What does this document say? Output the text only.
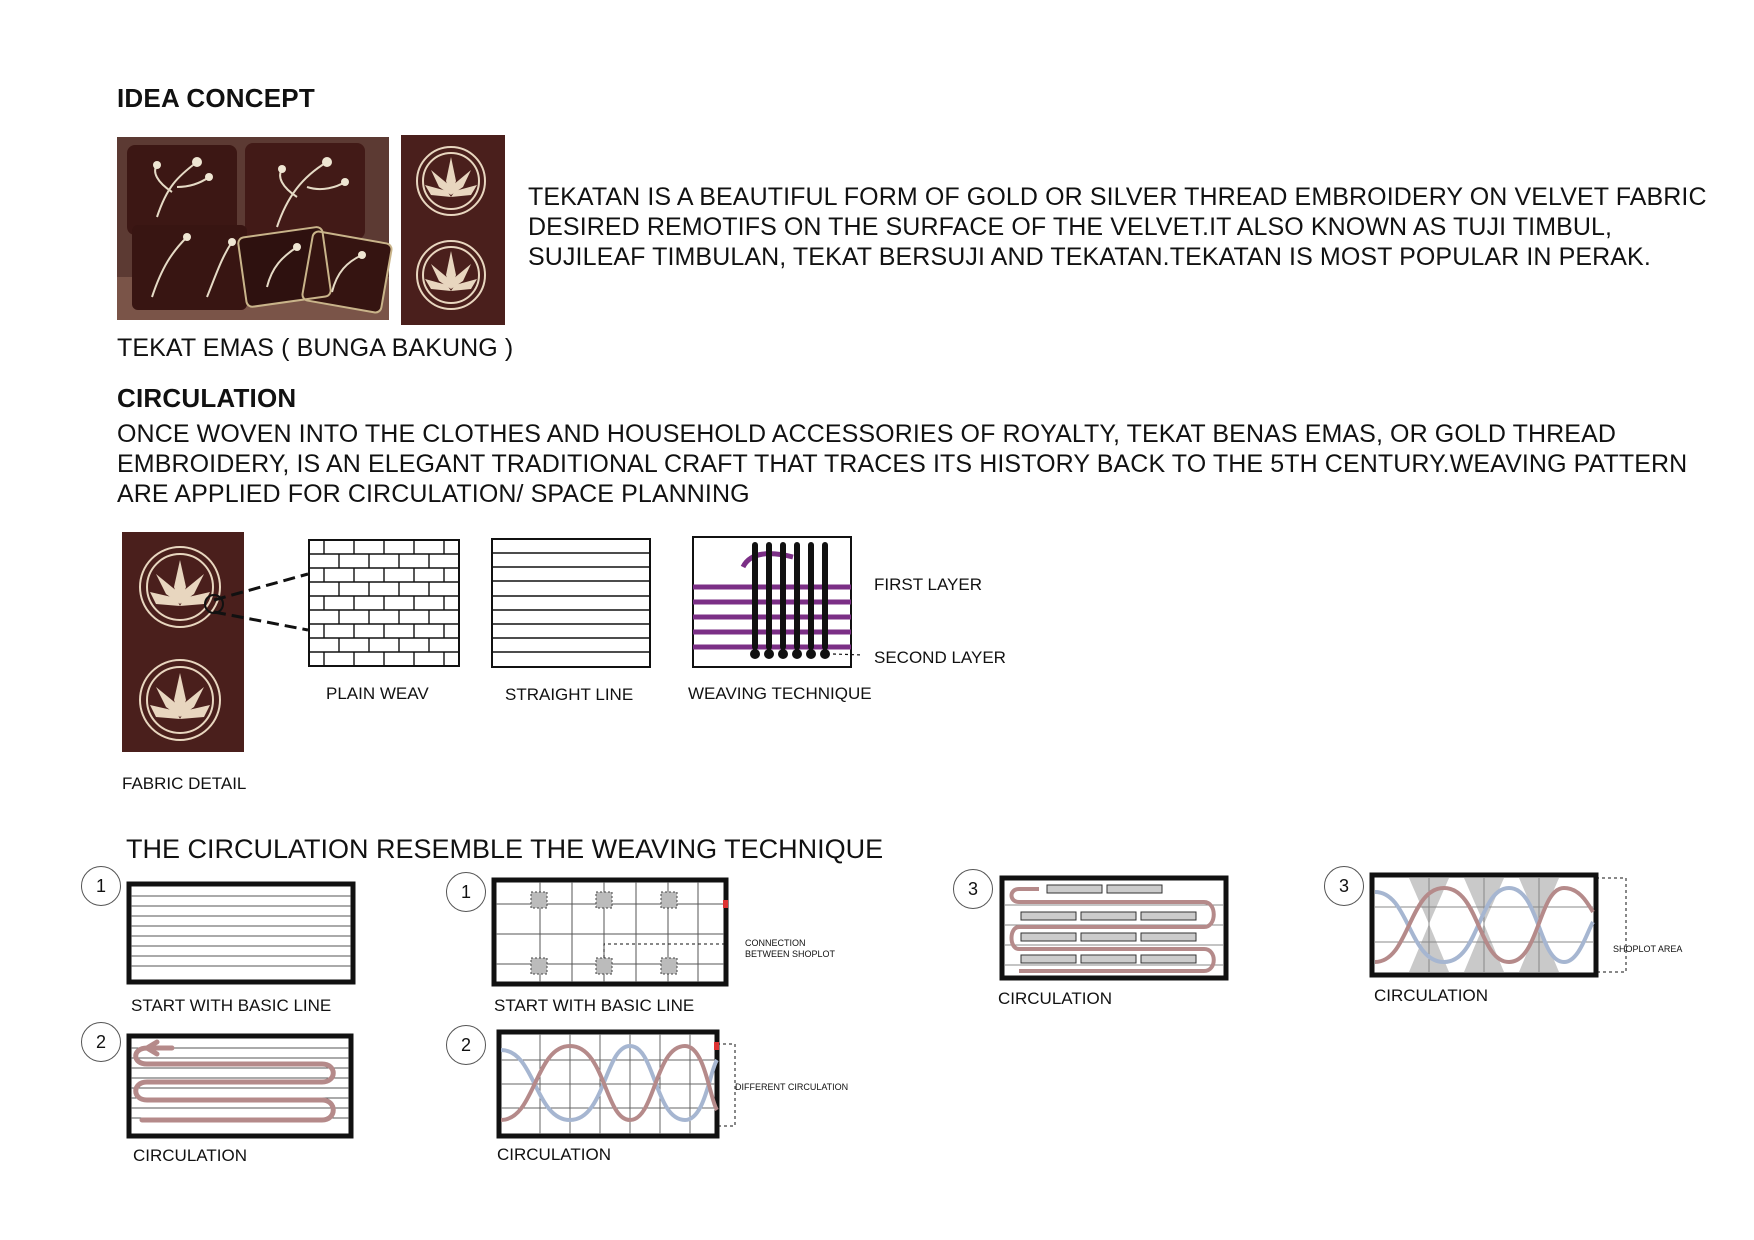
IDEA CONCEPT
TEKATAN IS A BEAUTIFUL FORM OF GOLD OR SILVER THREAD EMBROIDERY ON VELVET FABRIC DESIRED REMOTIFS ON THE SURFACE OF THE VELVET.IT ALSO KNOWN AS TUJI TIMBUL, SUJILEAF TIMBULAN, TEKAT BERSUJI AND TEKATAN.TEKATAN IS MOST POPULAR IN PERAK.
TEKAT EMAS ( BUNGA BAKUNG )
CIRCULATION
ONCE WOVEN INTO THE CLOTHES AND HOUSEHOLD ACCESSORIES OF ROYALTY, TEKAT BENAS EMAS, OR GOLD THREAD EMBROIDERY, IS AN ELEGANT TRADITIONAL CRAFT THAT TRACES ITS HISTORY BACK TO THE 5TH CENTURY.WEAVING PATTERN ARE APPLIED FOR CIRCULATION/ SPACE PLANNING
FABRIC DETAIL
PLAIN WEAV	STRAIGHT LINE	WEAVING TECHNIQUE
FIRST LAYER
SECOND LAYER
THE CIRCULATION RESEMBLE THE WEAVING TECHNIQUE
1
START WITH BASIC LINE
2
CIRCULATION
1
CONNECTION BETWEEN SHOPLOT
START WITH BASIC LINE
2
DIFFERENT CIRCULATION
CIRCULATION
3
CIRCULATION
3
SHOPLOT AREA
CIRCULATION
